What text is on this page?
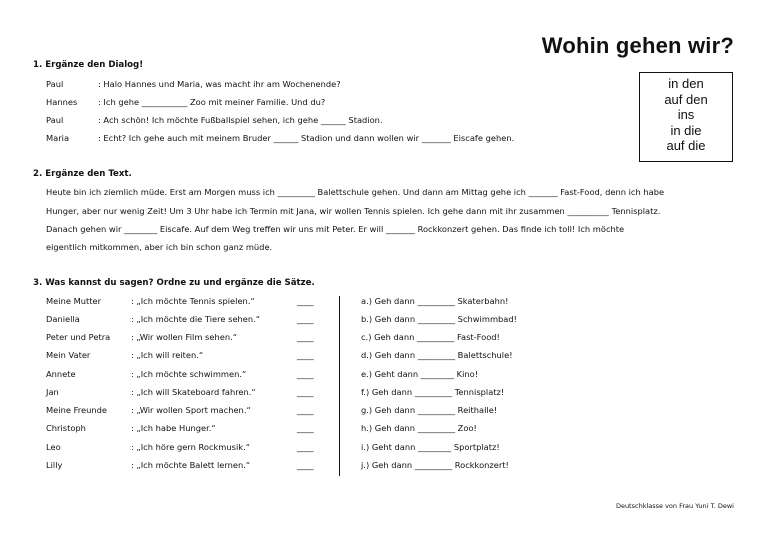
Wohin gehen wir?
in den
auf den
ins
in die
auf die
1. Ergänze den Dialog!
Paul	: Halo Hannes und Maria, was macht ihr am Wochenende?
Hannes : Ich gehe ___________ Zoo mit meiner Familie. Und du?
Paul	: Ach schön! Ich möchte Fußballspiel sehen, ich gehe ______ Stadion.
Maria	: Echt? Ich gehe auch mit meinem Bruder ______ Stadion und dann wollen wir _______ Eiscafe gehen.
2. Ergänze den Text.
Heute bin ich ziemlich müde. Erst am Morgen muss ich _________ Balettschule gehen. Und dann am Mittag gehe ich _______ Fast-Food, denn ich habe
Hunger, aber nur wenig Zeit! Um 3 Uhr habe ich Termin mit Jana, wir wollen Tennis spielen. Ich gehe dann mit ihr zusammen __________ Tennisplatz.
Danach gehen wir ________ Eiscafe. Auf dem Weg treffen wir uns mit Peter. Er will _______ Rockkonzert gehen. Das finde ich toll! Ich möchte
eigentlich mitkommen, aber ich bin schon ganz müde.
3. Was kannst du sagen? Ordne zu und ergänze die Sätze.
Meine Mutter	: „Ich möchte Tennis spielen.“	____	a.) Geh dann _________ Skaterbahn!
Daniella	: „Ich möchte die Tiere sehen.“	____	b.) Geh dann _________ Schwimmbad!
Peter und Petra	: „Wir wollen Film sehen.“	____	c.) Geh dann _________ Fast-Food!
Mein Vater	: „Ich will reiten.“	____	d.) Geh dann _________ Balettschule!
Annete	: „Ich möchte schwimmen.“	____	e.) Geht dann ________ Kino!
Jan	: „Ich will Skateboard fahren.“	____	f.) Geh dann _________ Tennisplatz!
Meine Freunde	: „Wir wollen Sport machen.“	____	g.) Geh dann _________ Reithalle!
Christoph	: „Ich habe Hunger.“	____	h.) Geh dann _________ Zoo!
Leo	: „Ich höre gern Rockmusik.“	____	i.) Geht dann ________ Sportplatz!
Lilly	: „Ich möchte Balett lernen.“	____	j.) Geh dann _________ Rockkonzert!
Deutschklasse von Frau Yuni T. Dewi
